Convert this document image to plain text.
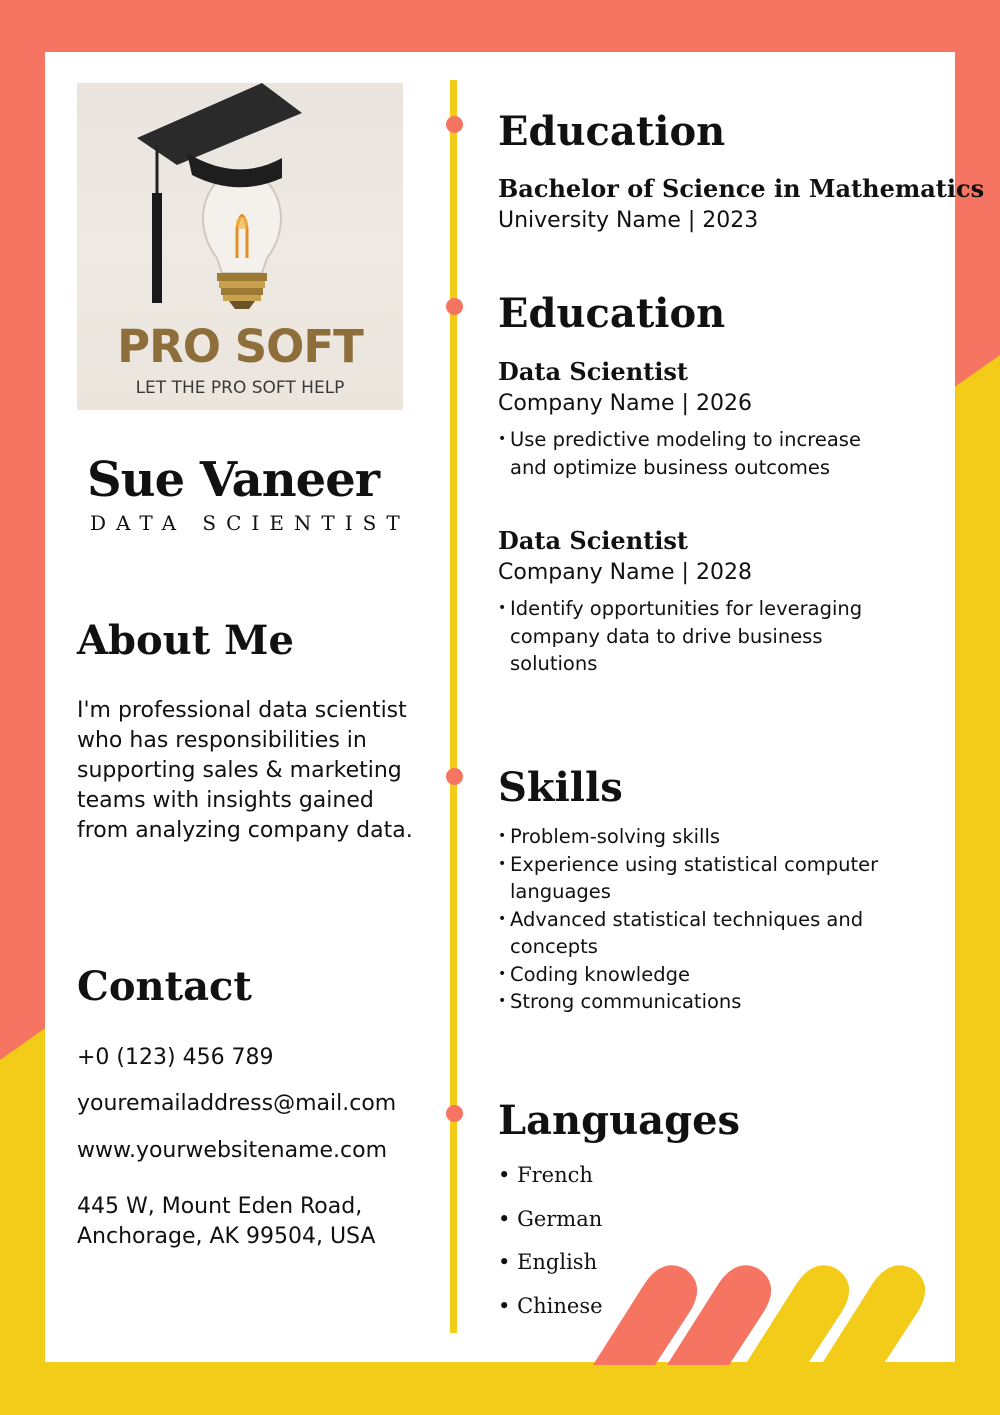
PRO SOFT
LET THE PRO SOFT HELP
Sue Vaneer
DATA SCIENTIST
About Me
I'm professional data scientist
who has responsibilities in
supporting sales & marketing
teams with insights gained
from analyzing company data.
Contact
+0 (123) 456 789
youremailaddress@mail.com
www.yourwebsitename.com
445 W, Mount Eden Road,
Anchorage, AK 99504, USA
Education
Bachelor of Science in Mathematics
University Name | 2023
Education
Data Scientist
Company Name | 2026
• Use predictive modeling to increase
and optimize business outcomes
Data Scientist
Company Name | 2028
• Identify opportunities for leveraging
company data to drive business
solutions
Skills
• Problem-solving skills
• Experience using statistical computer
languages
• Advanced statistical techniques and
concepts
• Coding knowledge
• Strong communications
Languages
• French
• German
• English
• Chinese
